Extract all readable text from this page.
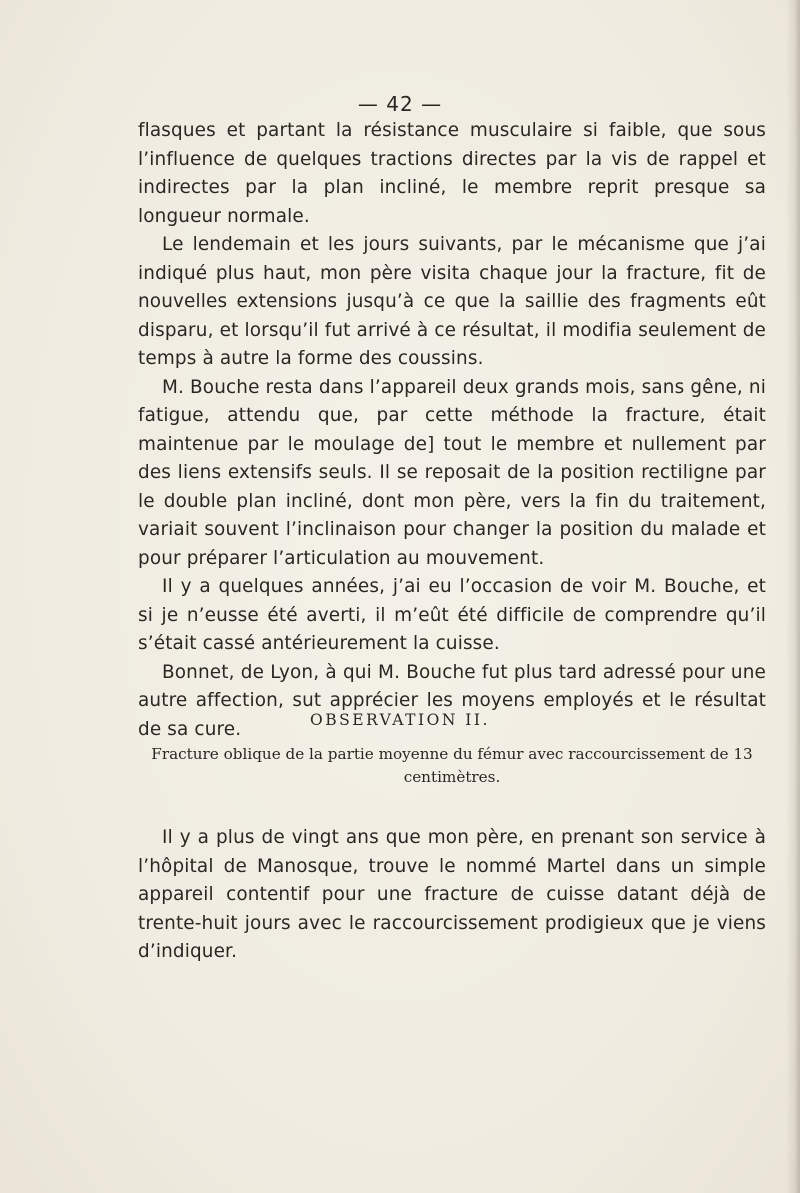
— 42 —

flasques et partant la résistance musculaire si faible, que sous l’influence de quelques tractions directes par la vis de rappel et indirectes par la plan incliné, le membre reprit presque sa longueur normale.

Le lendemain et les jours suivants, par le mécanisme que j’ai indiqué plus haut, mon père visita chaque jour la fracture, fit de nouvelles extensions jusqu’à ce que la saillie des fragments eût disparu, et lorsqu’il fut arrivé à ce résultat, il modifia seulement de temps à autre la forme des coussins.

M. Bouche resta dans l’appareil deux grands mois, sans gêne, ni fatigue, attendu que, par cette méthode la fracture, était maintenue par le moulage de] tout le membre et nullement par des liens extensifs seuls. Il se reposait de la position rectiligne par le double plan incliné, dont mon père, vers la fin du traitement, variait souvent l’inclinaison pour changer la position du malade et pour préparer l’articulation au mouvement.

Il y a quelques années, j’ai eu l’occasion de voir M. Bouche, et si je n’eusse été averti, il m’eût été difficile de comprendre qu’il s’était cassé antérieurement la cuisse.

Bonnet, de Lyon, à qui M. Bouche fut plus tard adressé pour une autre affection, sut apprécier les moyens employés et le résultat de sa cure.	OBSERVATION II.
Fracture oblique de la partie moyenne du fémur avec raccourcissement de 13 centimètres.

Il y a plus de vingt ans que mon père, en prenant son service à l’hôpital de Manosque, trouve le nommé Martel dans un simple appareil contentif pour une fracture de cuisse datant déjà de trente-huit jours avec le raccourcissement prodigieux que je viens d’indiquer.
